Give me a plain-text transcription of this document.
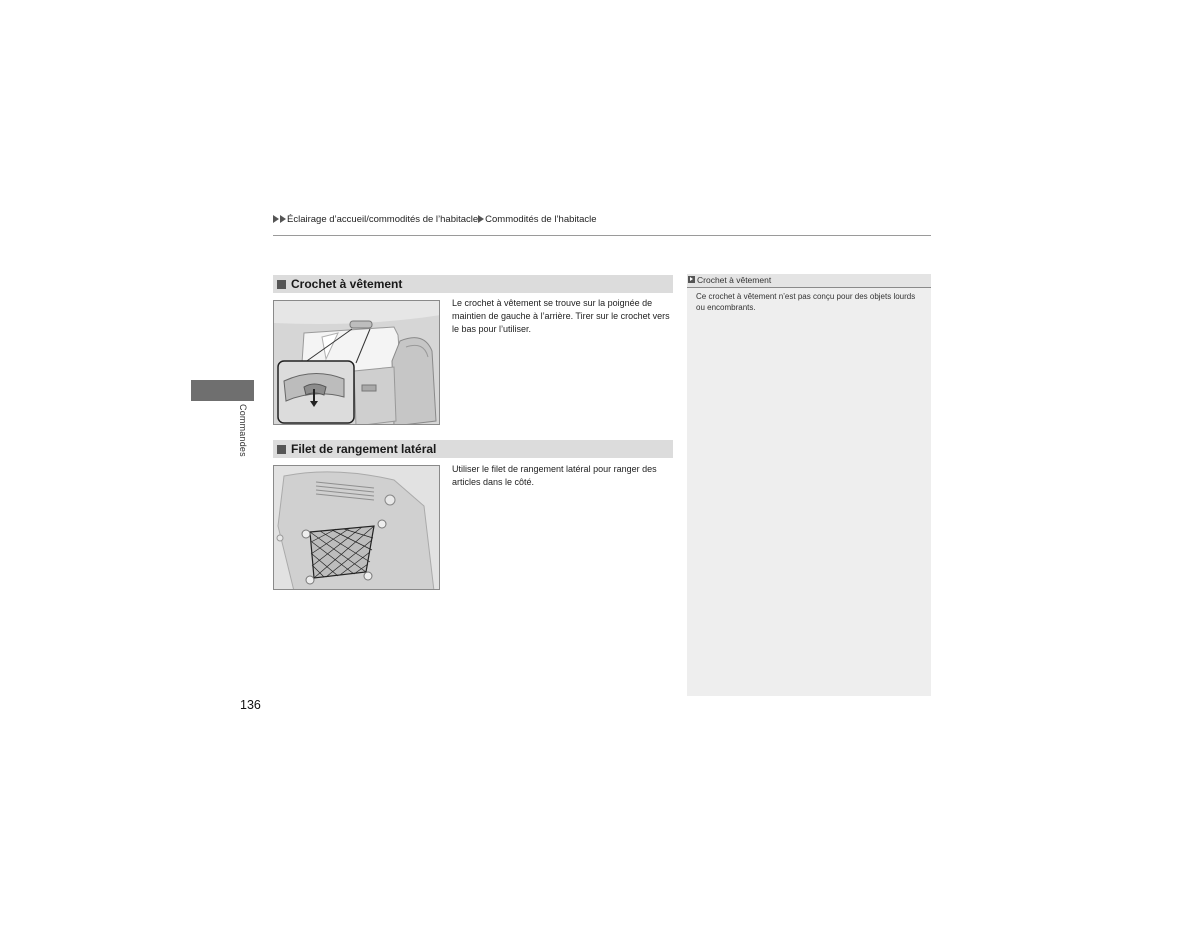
Éclairage d’accueil/commodités de l’habitacle Commodités de l’habitacle
Commandes
Crochet à vêtement
Le crochet à vêtement se trouve sur la poignée de maintien de gauche à l’arrière. Tirer sur le crochet vers le bas pour l’utiliser.
Filet de rangement latéral
Utiliser le filet de rangement latéral pour ranger des articles dans le côté.
Crochet à vêtement
Ce crochet à vêtement n’est pas conçu pour des objets lourds ou encombrants.
136
